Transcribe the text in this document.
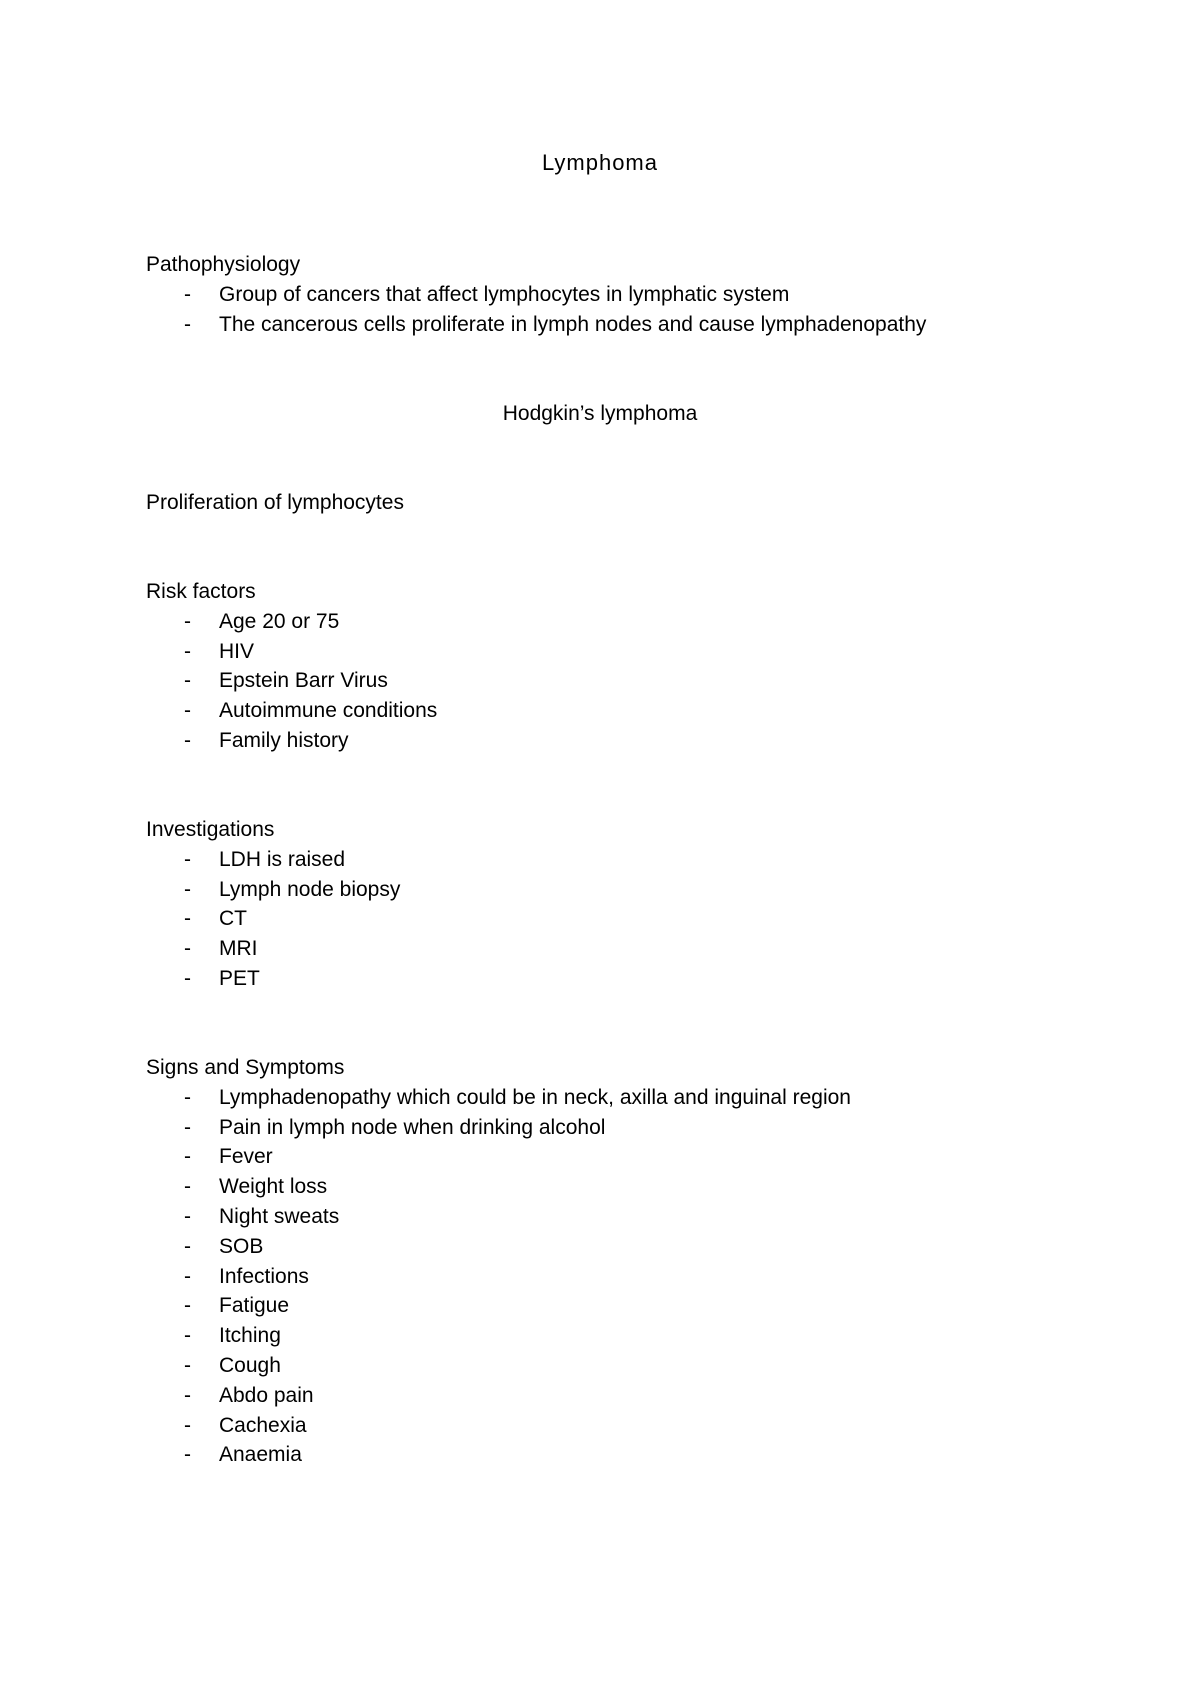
Lymphoma

Pathophysiology

- Group of cancers that affect lymphocytes in lymphatic system
- The cancerous cells proliferate in lymph nodes and cause lymphadenopathy
Hodgkin’s lymphoma

Proliferation of lymphocytes

Risk factors

- Age 20 or 75
- HIV
- Epstein Barr Virus
- Autoimmune conditions
- Family history

Investigations

- LDH is raised
- Lymph node biopsy
- CT
- MRI
- PET

Signs and Symptoms

- Lymphadenopathy which could be in neck, axilla and inguinal region
- Pain in lymph node when drinking alcohol
- Fever
- Weight loss
- Night sweats
- SOB
- Infections
- Fatigue
- Itching
- Cough
- Abdo pain
- Cachexia
- Anaemia
